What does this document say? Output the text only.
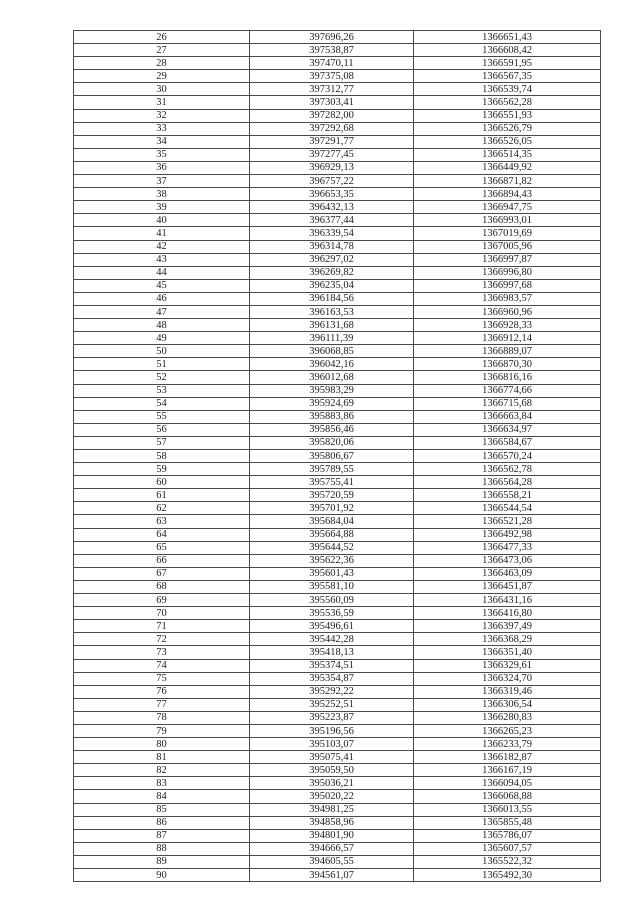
26	397696,26	1366651,43
27	397538,87	1366608,42
28	397470,11	1366591,95
29	397375,08	1366567,35
30	397312,77	1366539,74
31	397303,41	1366562,28
32	397282,00	1366551,93
33	397292,68	1366526,79
34	397291,77	1366526,05
35	397277,45	1366514,35
36	396929,13	1366449,92
37	396757,22	1366871,82
38	396653,35	1366894,43
39	396432,13	1366947,75
40	396377,44	1366993,01
41	396339,54	1367019,69
42	396314,78	1367005,96
43	396297,02	1366997,87
44	396269,82	1366996,80
45	396235,04	1366997,68
46	396184,56	1366983,57
47	396163,53	1366960,96
48	396131,68	1366928,33
49	396111,39	1366912,14
50	396068,85	1366889,07
51	396042,16	1366870,30
52	396012,68	1366816,16
53	395983,29	1366774,66
54	395924,69	1366715,68
55	395883,86	1366663,84
56	395856,46	1366634,97
57	395820,06	1366584,67
58	395806,67	1366570,24
59	395789,55	1366562,78
60	395755,41	1366564,28
61	395720,59	1366558,21
62	395701,92	1366544,54
63	395684,04	1366521,28
64	395664,88	1366492,98
65	395644,52	1366477,33
66	395622,36	1366473,06
67	395601,43	1366463,09
68	395581,10	1366451,87
69	395560,09	1366431,16
70	395536,59	1366416,80
71	395496,61	1366397,49
72	395442,28	1366368,29
73	395418,13	1366351,40
74	395374,51	1366329,61
75	395354,87	1366324,70
76	395292,22	1366319,46
77	395252,51	1366306,54
78	395223,87	1366280,83
79	395196,56	1366265,23
80	395103,07	1366233,79
81	395075,41	1366182,87
82	395059,50	1366167,19
83	395036,21	1366094,05
84	395020,22	1366068,88
85	394981,25	1366013,55
86	394858,96	1365855,48
87	394801,90	1365786,07
88	394666,57	1365607,57
89	394605,55	1365522,32
90	394561,07	1365492,30
